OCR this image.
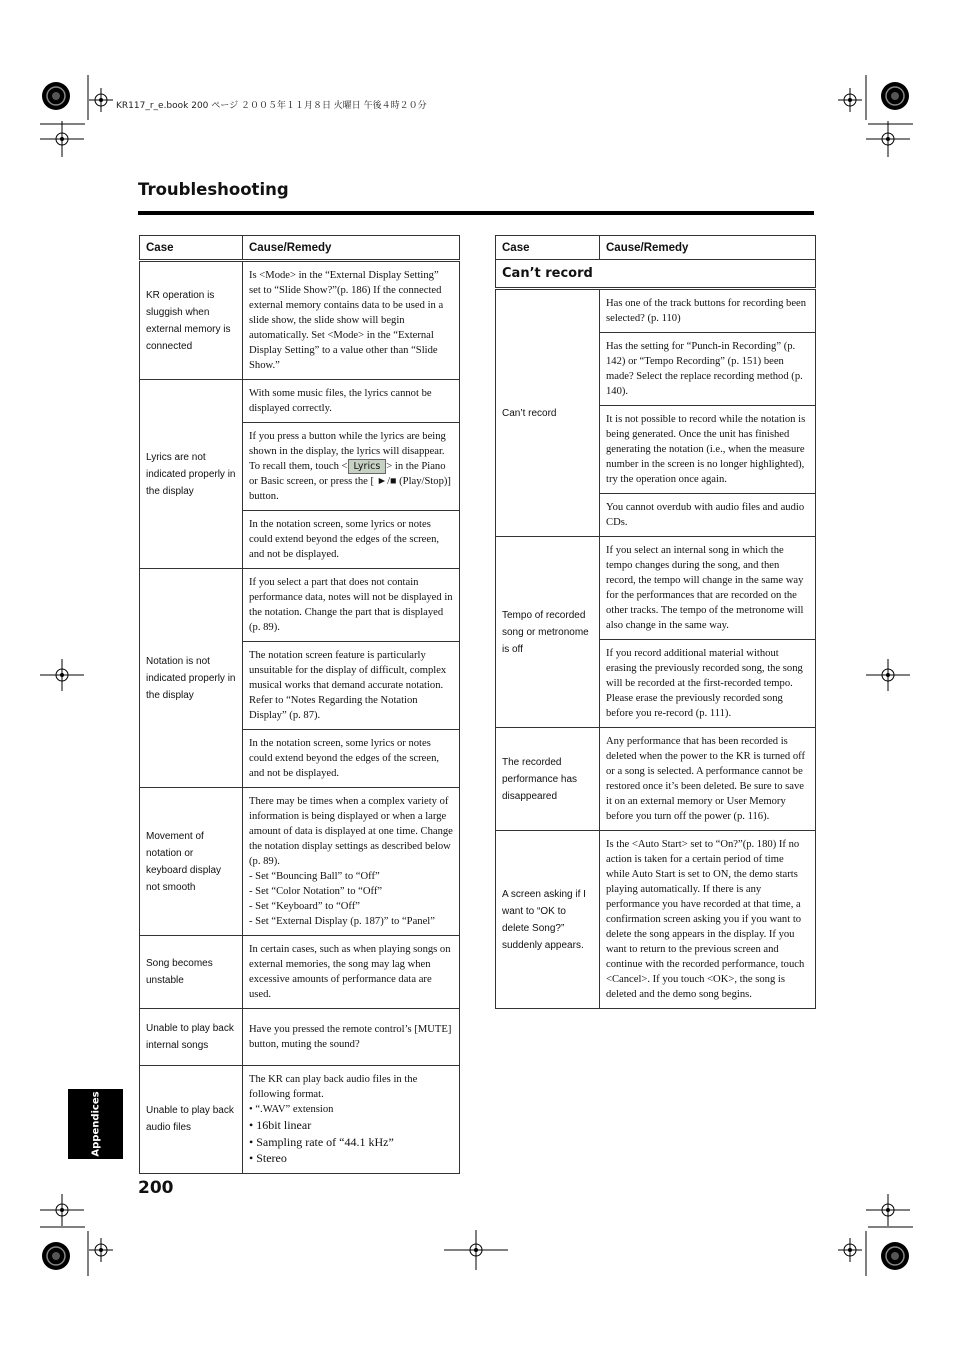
KR117_r_e.book 200 ページ ２００５年１１月８日 火曜日 午後４時２０分
Troubleshooting
Case	Cause/Remedy

KR operation is sluggish when external memory is connected	Is <Mode> in the “External Display Setting” set to “Slide Show?”(p. 186) If the connected external memory contains data to be used in a slide show, the slide show will begin automatically. Set <Mode> in the “External Display Setting” to a value other than “Slide Show.”
Lyrics are not indicated properly in the display	With some music files, the lyrics cannot be displayed correctly.
	If you press a button while the lyrics are being shown in the display, the lyrics will disappear. To recall them, touch < Lyrics > in the Piano or Basic screen, or press the [ ►/■ (Play/Stop)] button.
	In the notation screen, some lyrics or notes could extend beyond the edges of the screen, and not be displayed.
Notation is not indicated properly in the display	If you select a part that does not contain performance data, notes will not be displayed in the notation. Change the part that is displayed (p. 89).
	The notation screen feature is particularly unsuitable for the display of difficult, complex musical works that demand accurate notation. Refer to “Notes Regarding the Notation Display” (p. 87).
	In the notation screen, some lyrics or notes could extend beyond the edges of the screen, and not be displayed.
Movement of notation or keyboard display not smooth	There may be times when a complex variety of information is being displayed or when a large amount of data is displayed at one time. Change the notation display settings as described below (p. 89).
- Set “Bouncing Ball” to “Off”
- Set “Color Notation” to “Off”
- Set “Keyboard” to “Off”
- Set “External Display (p. 187)” to “Panel”

Song becomes unstable	In certain cases, such as when playing songs on external memories, the song may lag when excessive amounts of performance data are used.
Unable to play back internal songs	Have you pressed the remote control’s [MUTE] button, muting the sound?
Unable to play back audio files	The KR can play back audio files in the following format.
• “.WAV” extension
• 16bit linear
• Sampling rate of “44.1 kHz”
• Stereo
Case	Cause/Remedy
Can’t record	

Can’t record	Has one of the track buttons for recording been selected? (p. 110)
	Has the setting for “Punch-in Recording” (p. 142) or “Tempo Recording” (p. 151) been made? Select the replace recording method (p. 140).
	It is not possible to record while the notation is being generated. Once the unit has finished generating the notation (i.e., when the measure number in the screen is no longer highlighted), try the operation once again.
	You cannot overdub with audio files and audio CDs.
Tempo of recorded song or metronome is off	If you select an internal song in which the tempo changes during the song, and then record, the tempo will change in the same way for the performances that are recorded on the other tracks. The tempo of the metronome will also change in the same way.
	If you record additional material without erasing the previously recorded song, the song will be recorded at the first-recorded tempo. Please erase the previously recorded song before you re-record (p. 111).
The recorded performance has disappeared	Any performance that has been recorded is deleted when the power to the KR is turned off or a song is selected. A performance cannot be restored once it’s been deleted. Be sure to save it on an external memory or User Memory before you turn off the power (p. 116).
A screen asking if I want to “OK to delete Song?” suddenly appears.	Is the <Auto Start> set to “On?”(p. 180) If no action is taken for a certain period of time while Auto Start is set to ON, the demo starts playing automatically. If there is any performance you have recorded at that time, a confirmation screen asking you if you want to delete the song appears in the display. If you want to return to the previous screen and continue with the recorded performance, touch <Cancel>. If you touch <OK>, the song is deleted and the demo song begins.
Appendices
200
